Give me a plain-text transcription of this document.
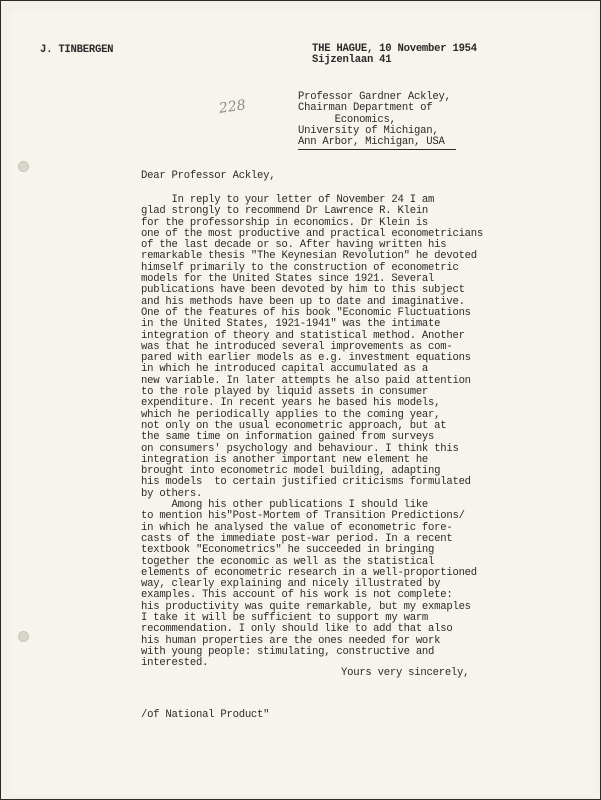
J. TINBERGEN	THE HAGUE, 10 November 1954
Sijzenlaan 41
228
Professor Gardner Ackley,
Chairman Department of
Economics,
University of Michigan,
Ann Arbor, Michigan, USA
Dear Professor Ackley,
In reply to your letter of November 24 I am
glad strongly to recommend Dr Lawrence R. Klein
for the professorship in economics. Dr Klein is
one of the most productive and practical econometricians
of the last decade or so. After having written his
remarkable thesis "The Keynesian Revolution" he devoted
himself primarily to the construction of econometric
models for the United States since 1921. Several
publications have been devoted by him to this subject
and his methods have been up to date and imaginative.
One of the features of his book "Economic Fluctuations
in the United States, 1921-1941" was the intimate
integration of theory and statistical method. Another
was that he introduced several improvements as com-
pared with earlier models as e.g. investment equations
in which he introduced capital accumulated as a
new variable. In later attempts he also paid attention
to the role played by liquid assets in consumer
expenditure. In recent years he based his models,
which he periodically applies to the coming year,
not only on the usual econometric approach, but at
the same time on information gained from surveys
on consumers' psychology and behaviour. I think this
integration is another important new element he
brought into econometric model building, adapting
his models  to certain justified criticisms formulated
by others.
Among his other publications I should like
to mention his"Post-Mortem of Transition Predictions/
in which he analysed the value of econometric fore-
casts of the immediate post-war period. In a recent
textbook "Econometrics" he succeeded in bringing
together the economic as well as the statistical
elements of econometric research in a well-proportioned
way, clearly explaining and nicely illustrated by
examples. This account of his work is not complete:
his productivity was quite remarkable, but my exmaples
I take it will be sufficient to support my warm
recommendation. I only should like to add that also
his human properties are the ones needed for work
with young people: stimulating, constructive and
interested.
Yours very sincerely,
/of National Product"
